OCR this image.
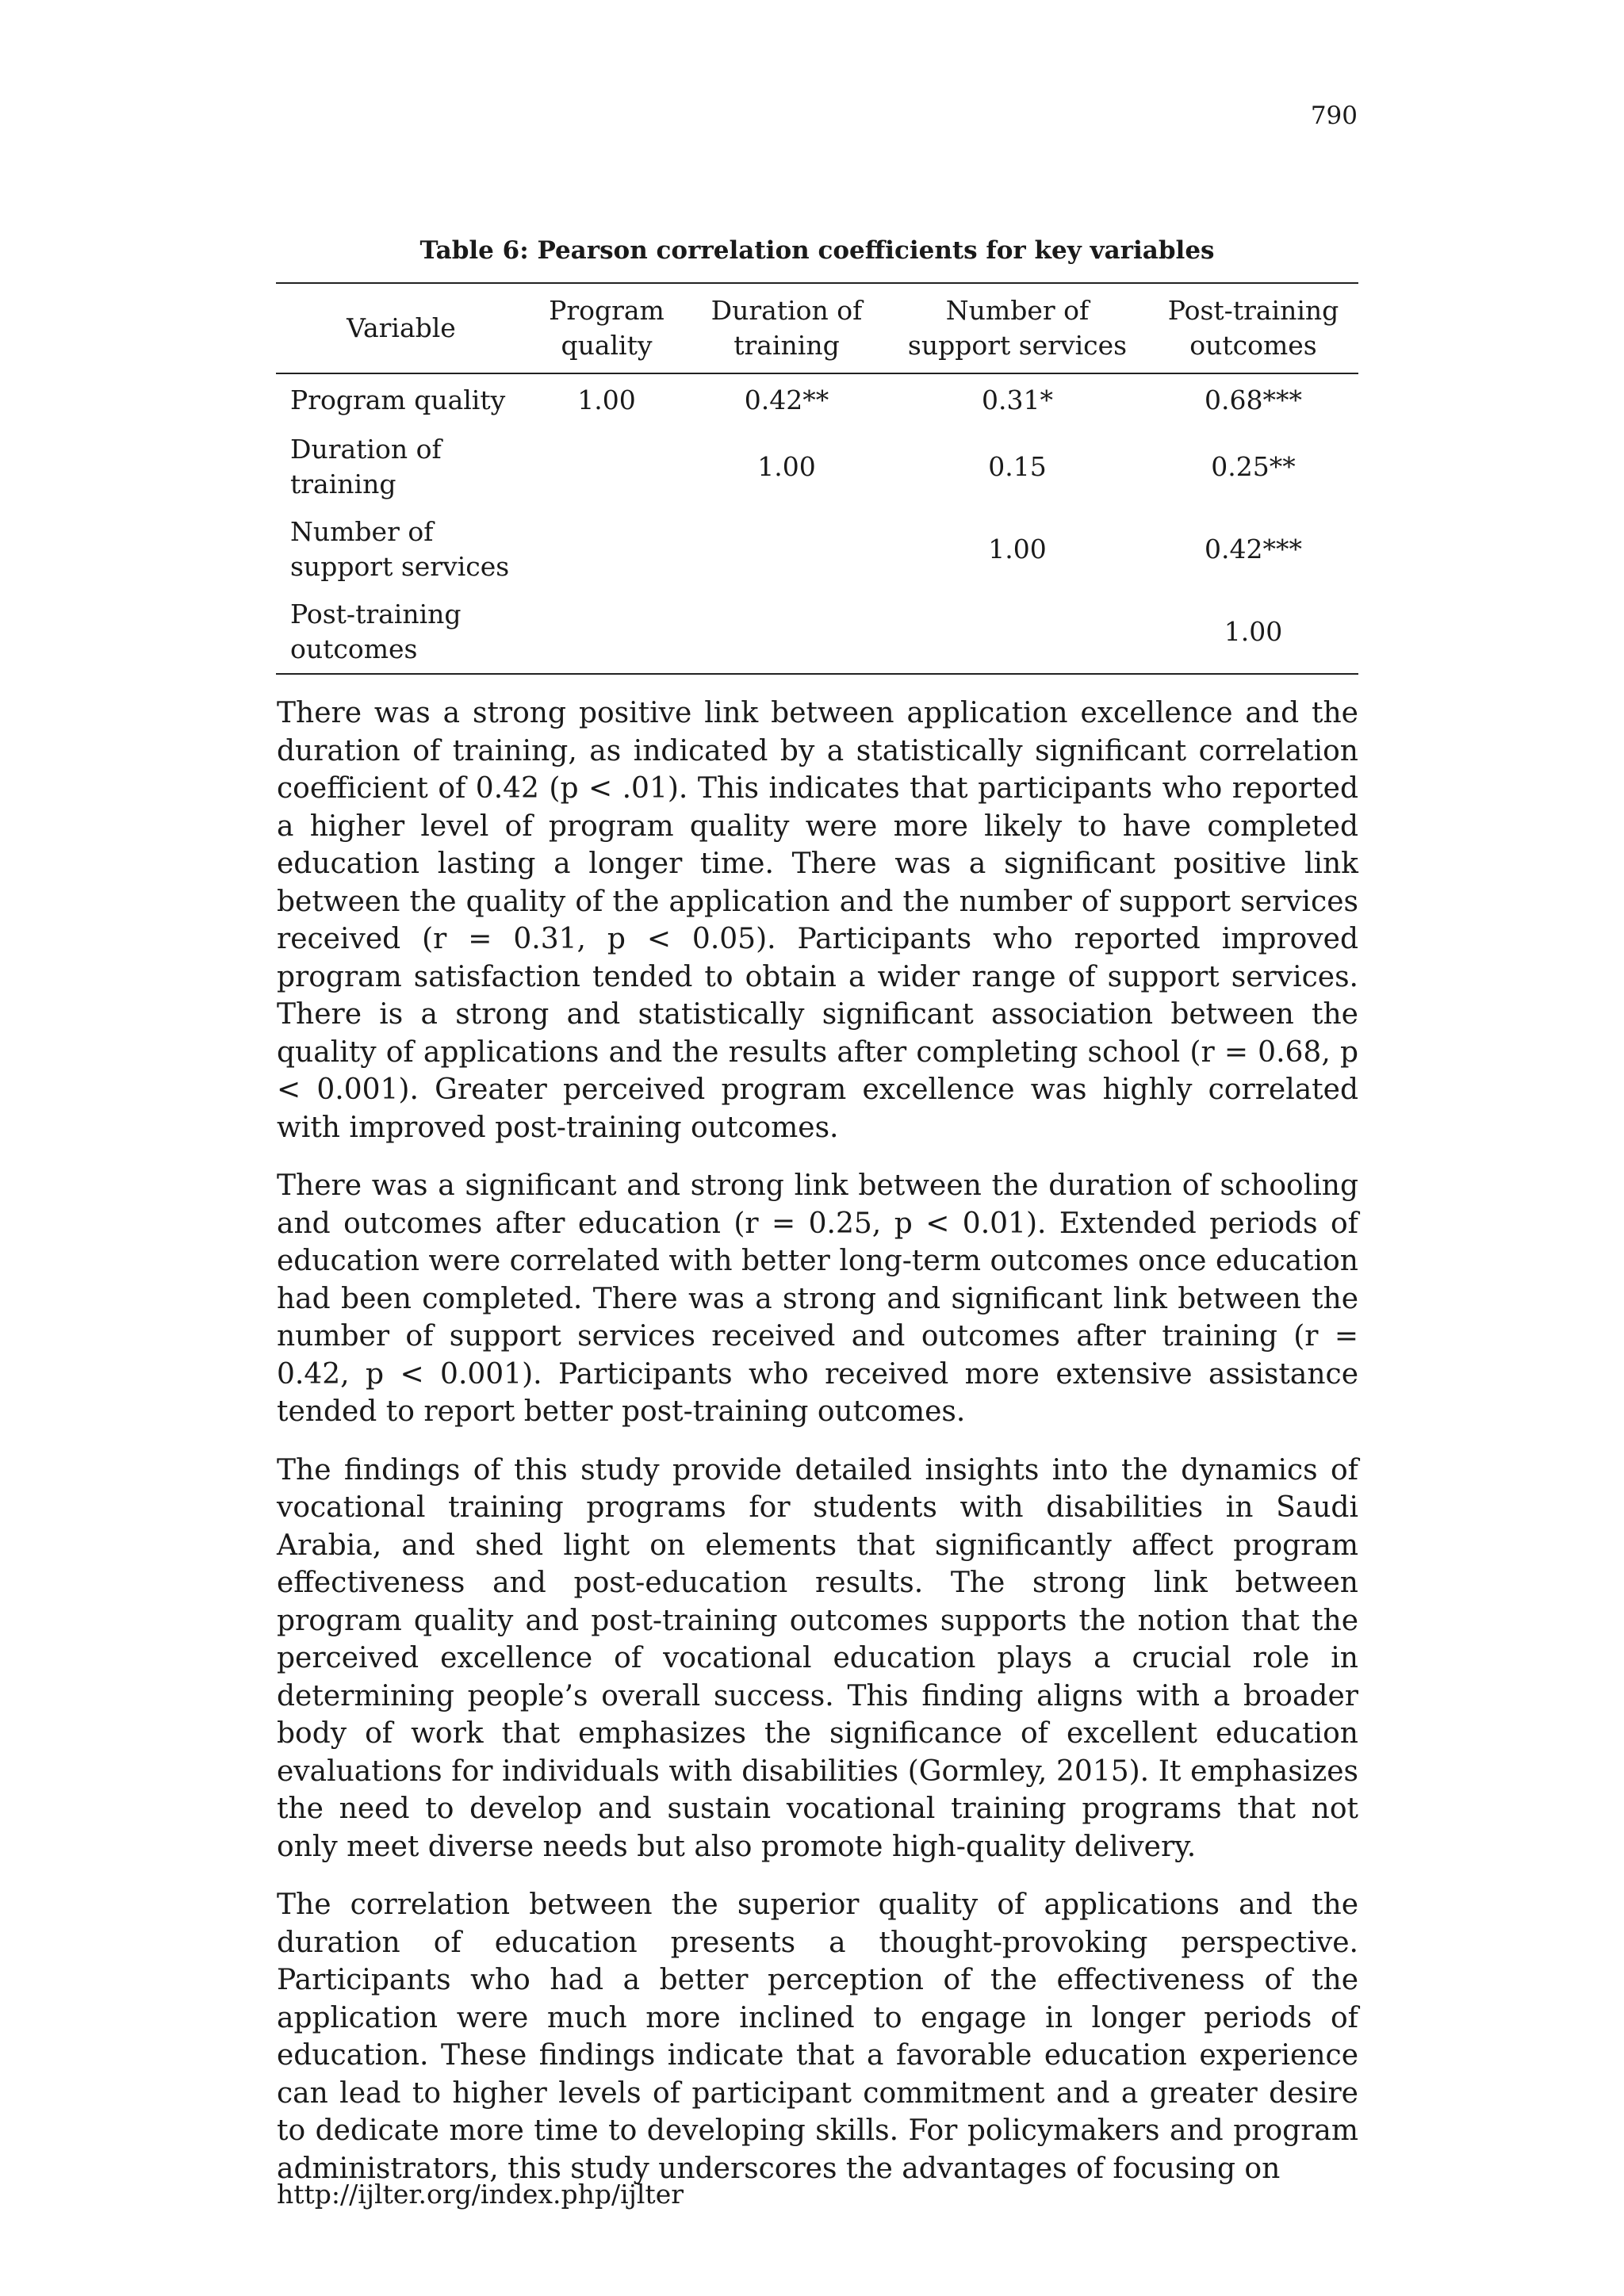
790
Table 6: Pearson correlation coefficients for key variables
Variable	Program quality	Duration of training	Number of support services	Post-training outcomes
Program quality	1.00	0.42**	0.31*	0.68***
Duration of training		1.00	0.15	0.25**
Number of support services			1.00	0.42***
Post-training outcomes				1.00

There was a strong positive link between application excellence and the duration of training, as indicated by a statistically significant correlation coefficient of 0.42 (p < .01). This indicates that participants who reported a higher level of program quality were more likely to have completed education lasting a longer time. There was a significant positive link between the quality of the application and the number of support services received (r = 0.31, p < 0.05). Participants who reported improved program satisfaction tended to obtain a wider range of support services. There is a strong and statistically significant association between the quality of applications and the results after completing school (r = 0.68, p < 0.001). Greater perceived program excellence was highly correlated with improved post-training outcomes.

There was a significant and strong link between the duration of schooling and outcomes after education (r = 0.25, p < 0.01). Extended periods of education were correlated with better long-term outcomes once education had been completed. There was a strong and significant link between the number of support services received and outcomes after training (r = 0.42, p < 0.001). Participants who received more extensive assistance tended to report better post-training outcomes.

The findings of this study provide detailed insights into the dynamics of vocational training programs for students with disabilities in Saudi Arabia, and shed light on elements that significantly affect program effectiveness and post-education results. The strong link between program quality and post-training outcomes supports the notion that the perceived excellence of vocational education plays a crucial role in determining people’s overall success. This finding aligns with a broader body of work that emphasizes the significance of excellent education evaluations for individuals with disabilities (Gormley, 2015). It emphasizes the need to develop and sustain vocational training programs that not only meet diverse needs but also promote high-quality delivery.

The correlation between the superior quality of applications and the duration of education presents a thought-provoking perspective. Participants who had a better perception of the effectiveness of the application were much more inclined to engage in longer periods of education. These findings indicate that a favorable education experience can lead to higher levels of participant commitment and a greater desire to dedicate more time to developing skills. For policymakers and program administrators, this study underscores the advantages of focusing on

http://ijlter.org/index.php/ijlter
